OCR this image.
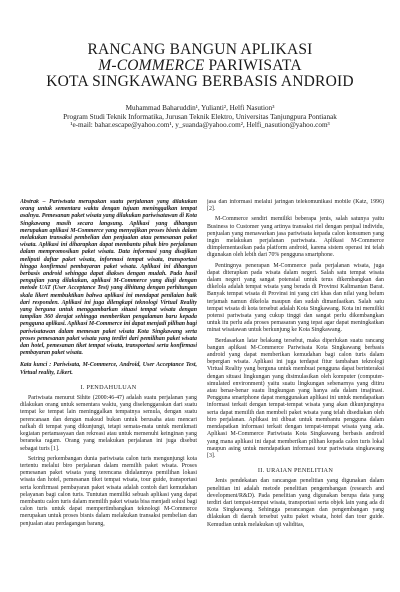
RANCANG BANGUN APLIKASI
M-COMMERCE PARIWISATA
KOTA SINGKAWANG BERBASIS ANDROID
Muhammad Baharuddin¹, Yulianti², Helfi Nasution³
Program Studi Teknik Informatika, Jurusan Teknik Elektro, Universitas Tanjungpura Pontianak
¹e-mail: bahar.escape@yahoo.com¹, y_suanda@yahoo.com², Helfi_nasution@yahoo.com³
Abstrak – Pariwisata merupakan suatu perjalanan yang dilakukan orang untuk sementara waktu dengan tujuan meninggalkan tempat asalnya. Pemesanan paket wisata yang dilakukan pariwisatawan di Kota Singkawang masih secara langsung. Aplikasi yang dibangun merupakan aplikasi M-Commerce yang menyajikan proses bisnis dalam melakukan transaksi pembelian dan penjualan atau pemesanan paket wisata. Aplikasi ini diharapkan dapat membantu pihak biro perjalanan dalam mempromosikan paket wisata. Data informasi yang disajikan meliputi daftar paket wisata, informasi tempat wisata, transportasi hingga konfirmasi pembayaran paket wisata. Aplikasi ini dibangun berbasis android sehingga dapat diakses dengan mudah. Pada hasil pengujian yang dilakukan, aplikasi M-Commerce yang diuji dengan metode UAT (User Acceptance Test) yang dihitung dengan perhitungan skala likert membuktikan bahwa aplikasi ini mendapat penilaian baik dari responden. Aplikasi ini juga dilengkapi teknologi Virtual Reality yang berguna untuk menggambarkan situasi tempat wisata dengan tampilan 360 derajat sehingga memberikan pengalaman baru kepada pengguna aplikasi. Aplikasi M-Commerce ini dapat menjadi pilihan bagi pariwisatawan dalam memesan paket wisata Kota Singkawang serta proses pemesanan paket wisata yang terdiri dari pemilihan paket wisata dan hotel, pemesanan tiket tempat wisata, transportasi serta konfirmasi pembayaran paket wisata.
Kata kunci : Pariwisata, M-Commerce, Android, User Acceptance Test, Virtual reality, Likert.
I. PENDAHULUAN

Pariwisata menurut Sihite (2000:46-47) adalah suatu perjalanan yang dilakukan orang untuk sementara waktu, yang diselenggarakan dari suatu tempat ke tempat lain meninggalkan tempatnya semula, dengan suatu perencanaan dan dengan maksud bukan untuk berusaha atau mencari nafkah di tempat yang dikunjungi, tetapi semata-mata untuk menikmati kegiatan pertamasyaan dan rekreasi atau untuk memenuhi keinginan yang beraneka ragam. Orang yang melakukan perjalanan ini juga disebut sebagai turis [1].

Seiring perkembangan dunia pariwisata calon turis mengunjungi kota tertentu melalui biro perjalanan dalam memilih paket wisata. Proses pemesanan paket wisata yang terencana didalamnya pemilihan lokasi wisata dan hotel, pemesanan tiket tempat wisata, tour guide, transportasi serta konfirmasi pembayaran paket wisata adalah contoh dari kemudahan pelayanan bagi calon turis. Tuntutan memiliki sebuah aplikasi yang dapat membantu calon turis dalam memilih paket wisata bisa menjadi solusi bagi calon turis untuk dapat mempertimbangkan teknologi M-Commerce merupakan untuk proses bisnis dalam melakukan transaksi pembelian dan penjualan atau perdagangan barang,

jasa dan informasi melalui jaringan telekomunikasi mobile (Katz, 1996) [2].

M-Commerce sendiri memiliki beberapa jenis, salah satunya yaitu Business to Customer yang artinya transaksi riel dengan penjual individu, penjualan yang menawarkan jasa pariwisata kepada calon konsumen yang ingin melakukan perjalanan pariwisata. Aplikasi M-Commerce diimplementasikan pada platform android, karena sistem operasi ini telah digunakan oleh lebih dari 70% pengguna smartphone.

Pentingnya penerapan M-Commerce pada perjalanan wisata, juga dapat diterapkan pada wisata dalam negeri. Salah satu tempat wisata dalam negeri yang sangat potensial untuk terus dikembangkan dan dikelola adalah tempat wisata yang berada di Provinsi Kalimantan Barat. Banyak tempat wisata di Provinsi ini yang ciri khas dan nilai yang belum terjamah namun dikelola maupun dan sudah dimanfaatkan. Salah satu tempat wisata di kota tersebut adalah Kota Singkawang. Kota ini memiliki potensi pariwisata yang cukup tinggi dan sangat perlu dikembangkan untuk itu perlu ada proses pemasaran yang tepat agar dapat meningkatkan minat wisatawan untuk berkunjung ke Kota Singkawang.

Berdasarkan latar belakang tersebut, maka diperlukan suatu rancang bangun aplikasi M-Commerce Pariwisata Kota Singkawang berbasis android yang dapat memberikan kemudahan bagi calon turis dalam bepergian wisata. Aplikasi ini juga terdapat fitur tambahan teknologi Virtual Reality yang berguna untuk membuat pengguna dapat berinteraksi dengan situasi lingkungan yang disimulasikan oleh komputer (computer-simulated environment) yaitu suatu lingkungan sebenarnya yang ditiru atau benar-benar suatu lingkungan yang hanya ada dalam imajinasi. Pengguna smartphone dapat menggunakan aplikasi ini untuk mendapatkan informasi terkait dengan tempat-tempat wisata yang akan dikunjunginya serta dapat memilih dan membeli paket wisata yang telah disediakan oleh biro perjalanan. Aplikasi ini dibuat untuk membantu pengguna dalam mendapatkan informasi terkait dengan tempat-tempat wisata yang ada. Aplikasi M-Commerce Pariwisata Kota Singkawang berbasis android yang mana aplikasi ini dapat memberikan pilihan kepada calon turis lokal maupun asing untuk mendapatkan informasi tour pariwisata singkawang [3].

II. URAIAN PENELITIAN

Jenis pendekatan dan rancangan penelitian yang digunakan dalam penelitian ini adalah metode penelitian pengembangan (research and development/R&D). Pada penelitian yang digunakan berupa data yang terdiri dari tempat-tempat wisata, transportasi serta objek lain yang ada di Kota Singkawang. Sehingga perancangan dan pengembangan yang dilakukan di daerah tersebut yaitu paket wisata, hotel dan tour guide. Kemudian untuk melakukan uji validitas,
